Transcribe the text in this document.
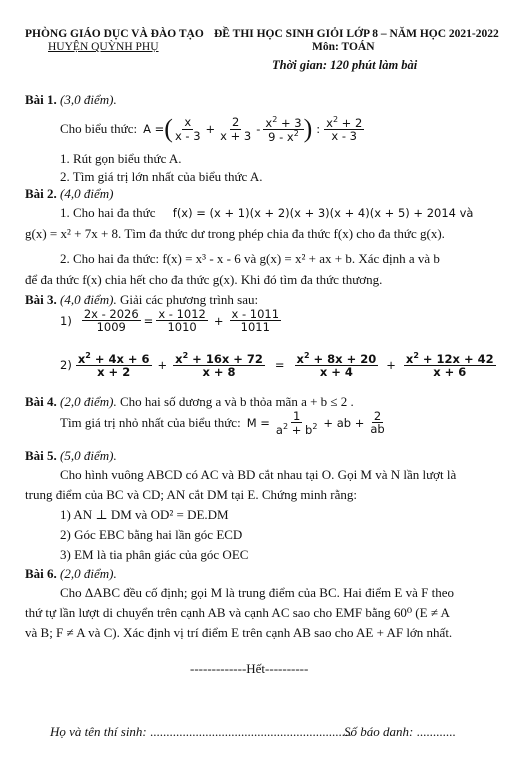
PHÒNG GIÁO DỤC VÀ ĐÀO TẠO
HUYỆN QUỲNH PHỤ
ĐỀ THI HỌC SINH GIỎI LỚP 8 – NĂM HỌC 2021-2022
Môn: TOÁN
Thời gian: 120 phút làm bài
Bài 1. (3,0 điểm).
Cho biểu thức: A = ( $\frac{x}{x - 3} + \frac{2}{x + 3} - \frac{x^2 + 3}{9 - x^2}$ ) : $\frac{x^2 + 2}{x - 3}$
1. Rút gọn biểu thức A.
2. Tìm giá trị lớn nhất của biểu thức A.
Bài 2. (4,0 điểm)
1. Cho hai đa thức f(x) = (x + 1)(x + 2)(x + 3)(x + 4)(x + 5) + 2014 và
g(x) = x² + 7x + 8. Tìm đa thức dư trong phép chia đa thức f(x) cho đa thức g(x).
2. Cho hai đa thức: f(x) = x³ - x - 6 và g(x) = x² + ax + b. Xác định a và b
để đa thức f(x) chia hết cho đa thức g(x). Khi đó tìm đa thức thương.
Bài 3. (4,0 điểm). Giải các phương trình sau:
$1) \frac{2x - 2026}{1009} = \frac{x - 1012}{1010} + \frac{x - 1011}{1011}$
$2) \frac{x^2 + 4x + 6}{x + 2} + \frac{x^2 + 16x + 72}{x + 8} = \frac{x^2 + 8x + 20}{x + 4} + \frac{x^2 + 12x + 42}{x + 6}$
Bài 4. (2,0 điểm). Cho hai số dương a và b thỏa mãn a + b ≤ 2 .
Tìm giá trị nhỏ nhất của biểu thức: $M = \frac{1}{a^2 + b^2}$ + ab + $\frac{2}{ab}$
Bài 5. (5,0 điểm).
Cho hình vuông ABCD có AC và BD cắt nhau tại O. Gọi M và N lần lượt là
trung điểm của BC và CD; AN cắt DM tại E. Chứng minh rằng:
1) AN ⊥ DM và OD² = DE.DM
2) Góc EBC bằng hai lần góc ECD
3) EM là tia phân giác của góc OEC
Bài 6. (2,0 điểm).
Cho ΔABC đều cố định; gọi M là trung điểm của BC. Hai điểm E và F theo
thứ tự lần lượt di chuyển trên cạnh AB và cạnh AC sao cho EMF bằng 60⁰ (E ≠ A
và B; F ≠ A và C). Xác định vị trí điểm E trên cạnh AB sao cho AE + AF lớn nhất.
-------------Hết----------
Họ và tên thí sinh: ..............................................................
Số báo danh: ............
